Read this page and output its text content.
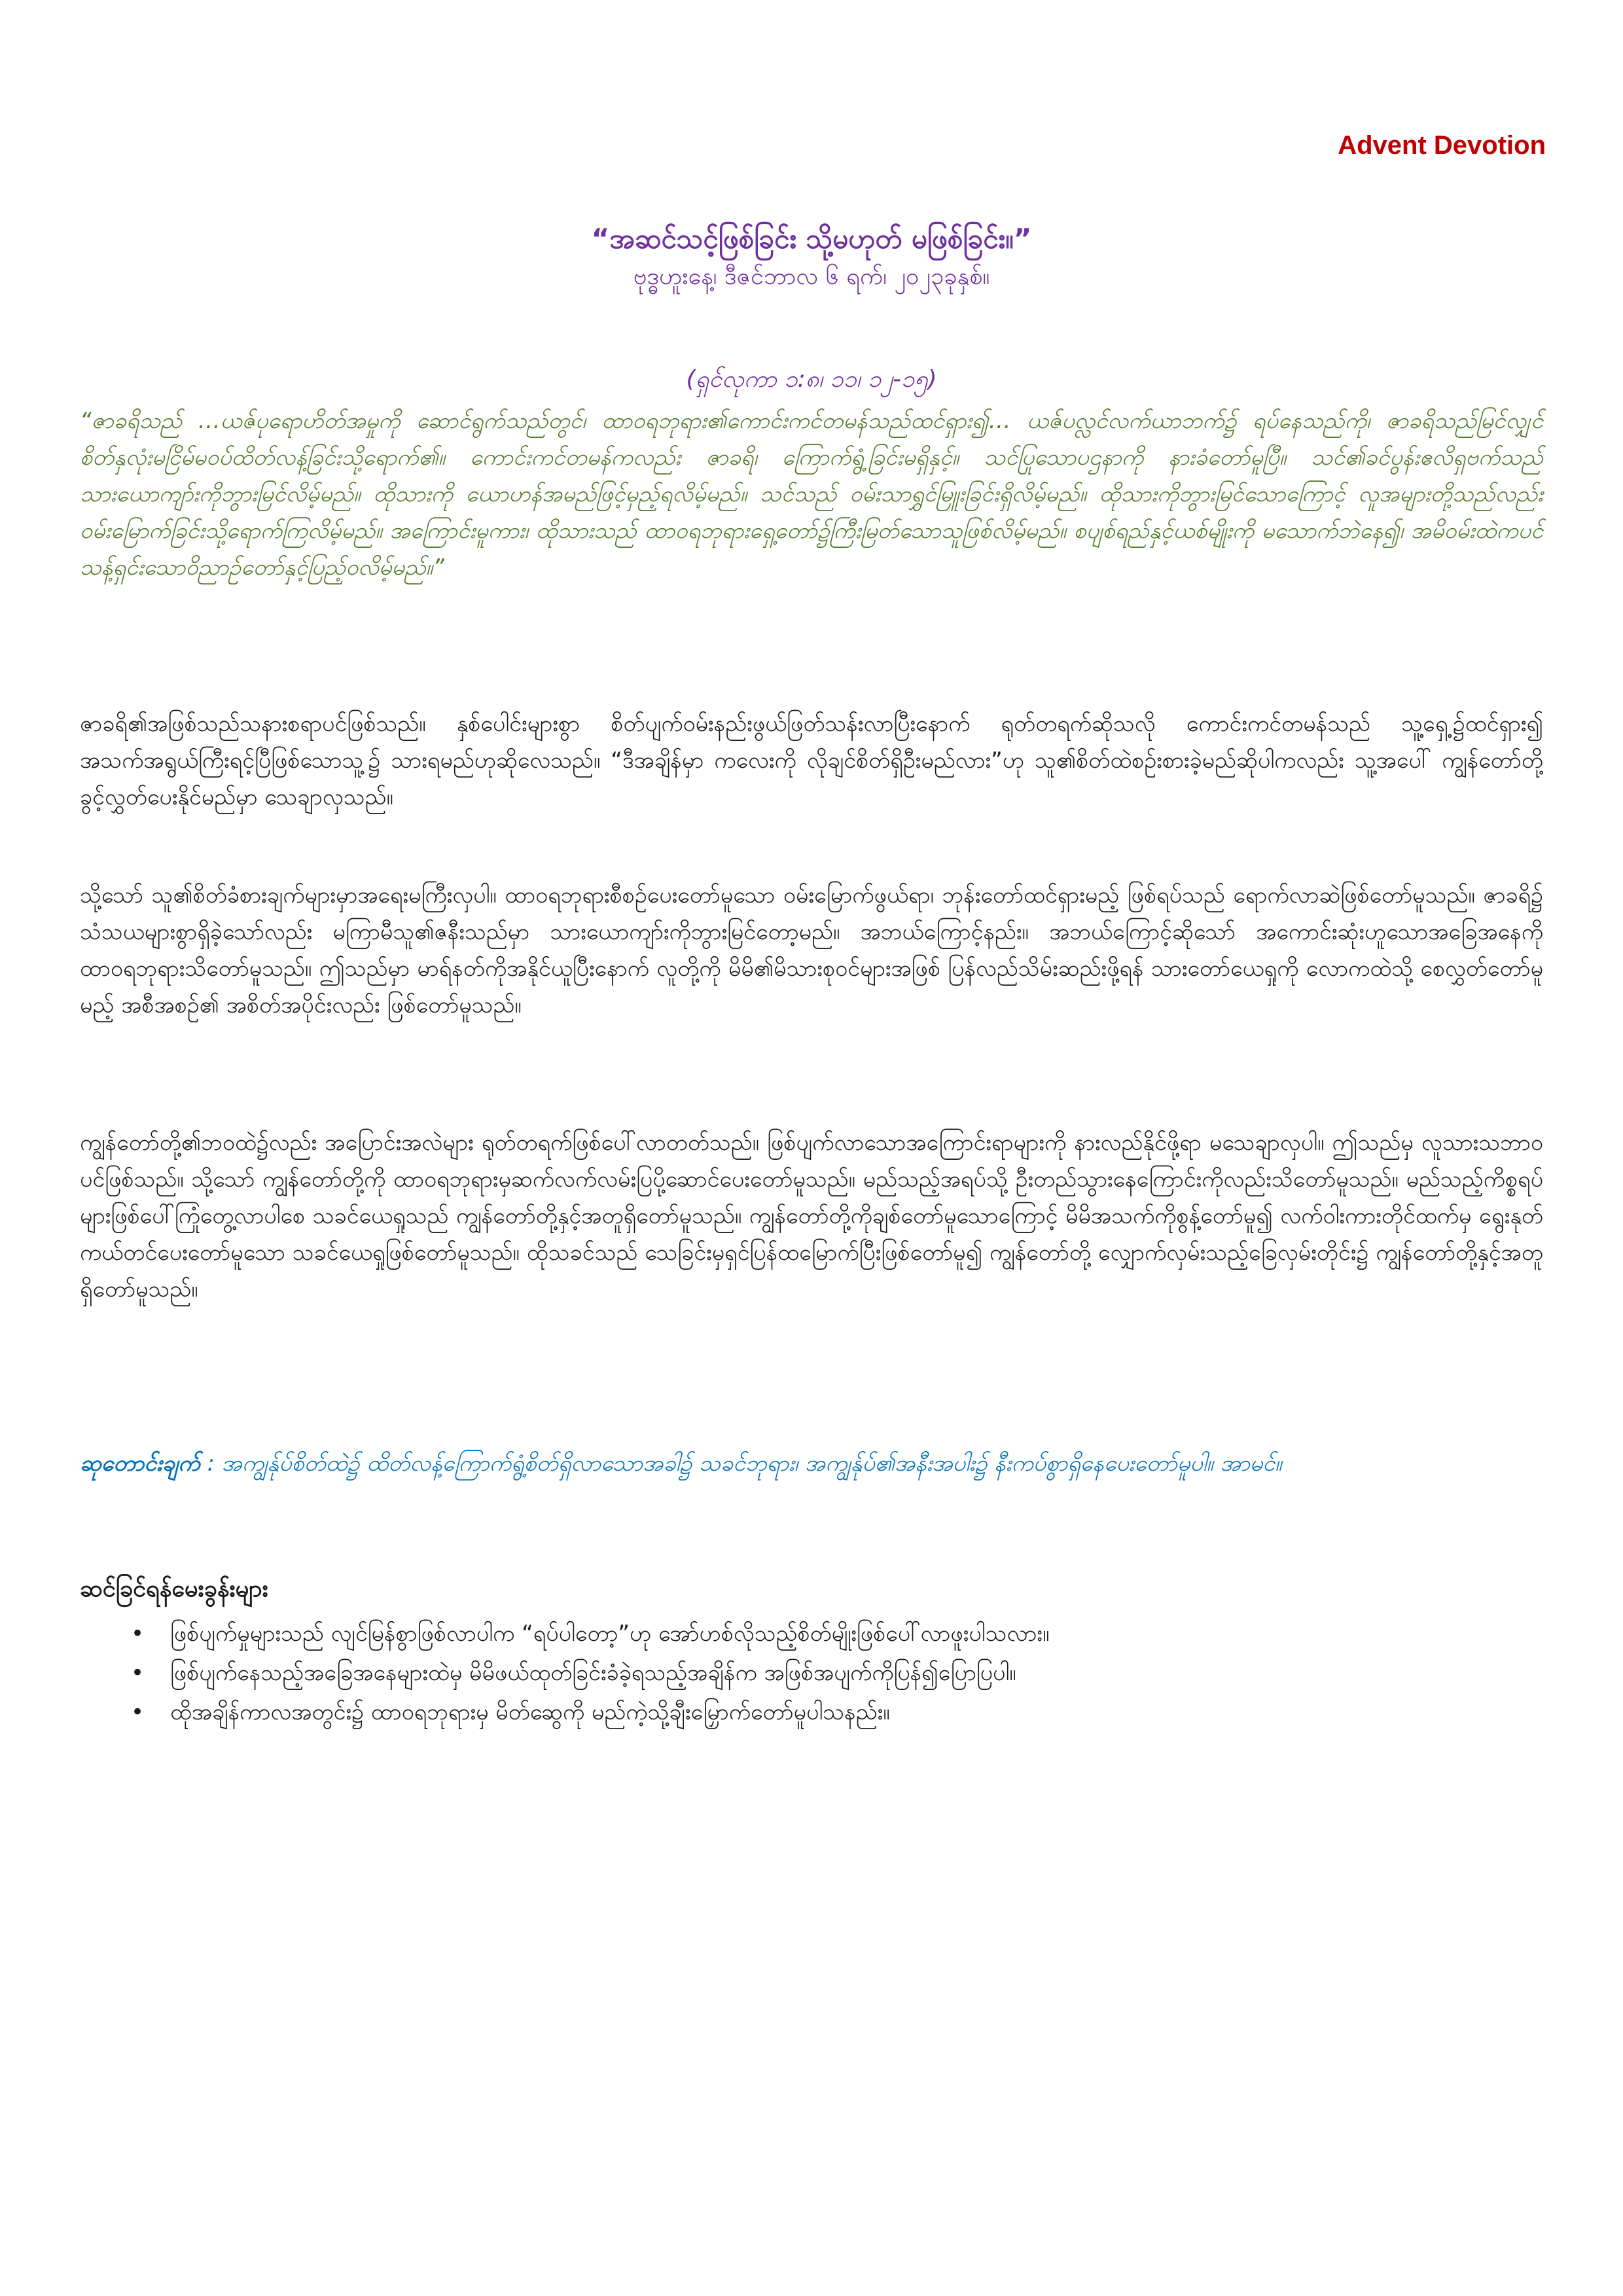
Advent Devotion
“အဆင်သင့်ဖြစ်ခြင်း သို့မဟုတ် မဖြစ်ခြင်း။”
ဗုဒ္ဓဟူးနေ့၊ ဒီဇင်ဘာလ ၆ ရက်၊ ၂၀၂၃ခုနှစ်။
(ရှင်လုကာ ၁:၈၊ ၁၁၊ ၁၂-၁၅)
“ဇာခရိသည် …ယဇ်ပုရောဟိတ်အမှုကို ဆောင်ရွက်သည်တွင်၊ ထာဝရဘုရား၏ကောင်းကင်တမန်သည်ထင်ရှား၍… ယဇ်ပလ္လင်လက်ယာဘက်၌ ရပ်နေသည်ကို၊ ဇာခရိသည်မြင်လျှင် စိတ်နှလုံးမငြိမ်မဝပ်ထိတ်လန့်ခြင်းသို့ရောက်၏။ ကောင်းကင်တမန်ကလည်း ဇာခရိ၊ ကြောက်ရွံ့ခြင်းမရှိနှင့်။ သင်ပြုသောပဌနာကို နားခံတော်မူပြီ။ သင်၏ခင်ပွန်းဧလိရှဗက်သည် သားယောကျာ်းကိုဘွားမြင်လိမ့်မည်။ ထိုသားကို ယောဟန်အမည်ဖြင့်မှည့်ရလိမ့်မည်။ သင်သည် ဝမ်းသာရွှင်မြူးခြင်းရှိလိမ့်မည်။ ထိုသားကိုဘွားမြင်သောကြောင့် လူအများတို့သည်လည်း ဝမ်းမြောက်ခြင်းသို့ရောက်ကြလိမ့်မည်။ အကြောင်းမူကား၊ ထိုသားသည် ထာဝရဘုရားရှေ့တော်၌ကြီးမြတ်သောသူဖြစ်လိမ့်မည်။ စပျစ်ရည်နှင့်ယစ်မျိုးကို မသောက်ဘဲနေ၍၊ အမိဝမ်းထဲကပင် သန့်ရှင်းသောဝိညာဉ်တော်နှင့်ပြည့်ဝလိမ့်မည်။”
ဇာခရိ၏အဖြစ်သည်သနားစရာပင်ဖြစ်သည်။ နှစ်ပေါင်းများစွာ စိတ်ပျက်ဝမ်းနည်းဖွယ်ဖြတ်သန်းလာပြီးနောက် ရုတ်တရက်ဆိုသလို ကောင်းကင်တမန်သည် သူ့ရှေ့၌ထင်ရှား၍ အသက်အရွယ်ကြီးရင့်ပြီဖြစ်သောသူ့၌ သားရမည်ဟုဆိုလေသည်။ “ဒီအချိန်မှာ ကလေးကို လိုချင်စိတ်ရှိဦးမည်လား”ဟု သူ၏စိတ်ထဲစဉ်းစားခဲ့မည်ဆိုပါကလည်း သူ့အပေါ် ကျွန်တော်တို့ခွင့်လွှတ်ပေးနိုင်မည်မှာ သေချာလှသည်။
သို့သော် သူ၏စိတ်ခံစားချက်များမှာအရေးမကြီးလှပါ။ ထာဝရဘုရားစီစဉ်ပေးတော်မူသော ဝမ်းမြောက်ဖွယ်ရာ၊ ဘုန်းတော်ထင်ရှားမည့် ဖြစ်ရပ်သည် ရောက်လာဆဲဖြစ်တော်မူသည်။ ဇာခရိ၌ သံသယများစွာရှိခဲ့သော်လည်း မကြာမီသူ၏ဇနီးသည်မှာ သားယောကျာ်းကိုဘွားမြင်တော့မည်။ အဘယ်ကြောင့်နည်း။ အဘယ်ကြောင့်ဆိုသော် အကောင်းဆုံးဟူသောအခြေအနေကို ထာဝရဘုရားသိတော်မူသည်။ ဤသည်မှာ မာရ်နတ်ကိုအနိုင်ယူပြီးနောက် လူတို့ကို မိမိ၏မိသားစုဝင်များအဖြစ် ပြန်လည်သိမ်းဆည်းဖို့ရန် သားတော်ယေရှုကို လောကထဲသို့ စေလွှတ်တော်မူမည့် အစီအစဉ်၏ အစိတ်အပိုင်းလည်း ဖြစ်တော်မူသည်။
ကျွန်တော်တို့၏ဘဝထဲ၌လည်း အပြောင်းအလဲများ ရုတ်တရက်ဖြစ်ပေါ်လာတတ်သည်။ ဖြစ်ပျက်လာသောအကြောင်းရာများကို နားလည်နိုင်ဖို့ရာ မသေချာလှပါ။ ဤသည်မှ လူသားသဘာဝပင်ဖြစ်သည်။ သို့သော် ကျွန်တော်တို့ကို ထာဝရဘုရားမှဆက်လက်လမ်းပြပို့ဆောင်ပေးတော်မူသည်။ မည်သည့်အရပ်သို့ ဦးတည်သွားနေကြောင်းကိုလည်းသိတော်မူသည်။ မည်သည့်ကိစ္စရပ်များဖြစ်ပေါ်ကြုံတွေ့လာပါစေ သခင်ယေရှုသည် ကျွန်တော်တို့နှင့်အတူရှိတော်မူသည်။ ကျွန်တော်တို့ကိုချစ်တော်မူသောကြောင့် မိမိအသက်ကိုစွန့်တော်မူ၍ လက်ဝါးကားတိုင်ထက်မှ ရွေးနုတ်ကယ်တင်ပေးတော်မူသော သခင်ယေရှုဖြစ်တော်မူသည်။ ထိုသခင်သည် သေခြင်းမှရှင်ပြန်ထမြောက်ပြီးဖြစ်တော်မူ၍ ကျွန်တော်တို့ လျှောက်လှမ်းသည့်ခြေလှမ်းတိုင်း၌ ကျွန်တော်တို့နှင့်အတူရှိတော်မူသည်။
ဆုတောင်းချက် : အကျွန်ုပ်စိတ်ထဲ၌ ထိတ်လန့်ကြောက်ရွံ့စိတ်ရှိလာသောအခါ၌ သခင်ဘုရား၊ အကျွန်ုပ်၏အနီးအပါး၌ နီးကပ်စွာရှိနေပေးတော်မူပါ။ အာမင်။
ဆင်ခြင်ရန်မေးခွန်းများ
• ဖြစ်ပျက်မှုများသည် လျင်မြန်စွာဖြစ်လာပါက “ရပ်ပါတော့”ဟု အော်ဟစ်လိုသည့်စိတ်မျိုးဖြစ်ပေါ်လာဖူးပါသလား။
• ဖြစ်ပျက်နေသည့်အခြေအနေများထဲမှ မိမိဖယ်ထုတ်ခြင်းခံခဲ့ရသည့်အချိန်က အဖြစ်အပျက်ကိုပြန်၍ပြောပြပါ။
• ထိုအချိန်ကာလအတွင်း၌ ထာဝရဘုရားမှ မိတ်ဆွေကို မည်ကဲ့သို့ချီးမြှောက်တော်မူပါသနည်း။
